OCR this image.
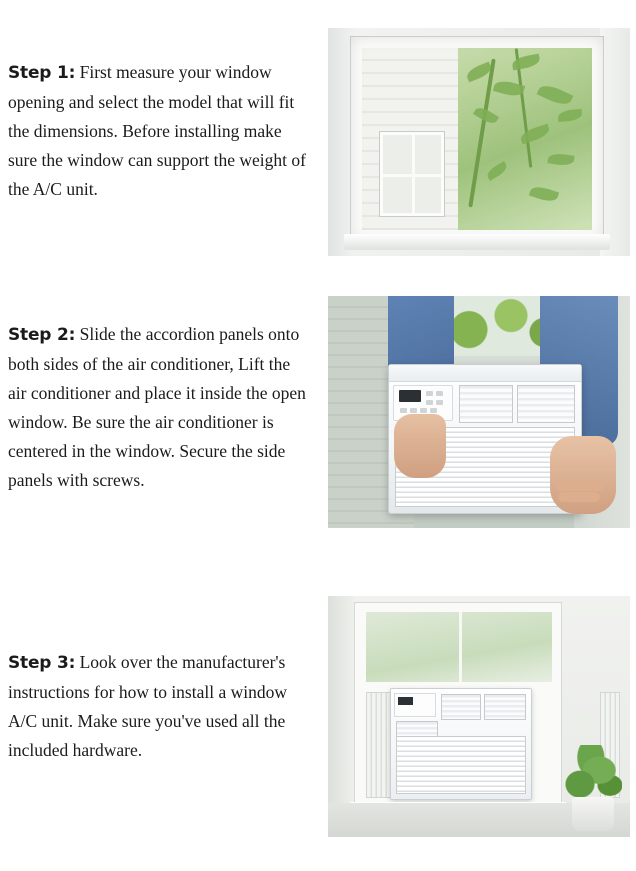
Step 1: First measure your window opening and select the model that will fit the dimensions. Before installing make sure the window can support the weight of the A/C unit.
Step 2: Slide the accordion panels onto both sides of the air conditioner, Lift the air conditioner and place it inside the open window. Be sure the air conditioner is centered in the window. Secure the side panels with screws.
Step 3: Look over the manufacturer's instructions for how to install a window A/C unit. Make sure you've used all the included hardware.
